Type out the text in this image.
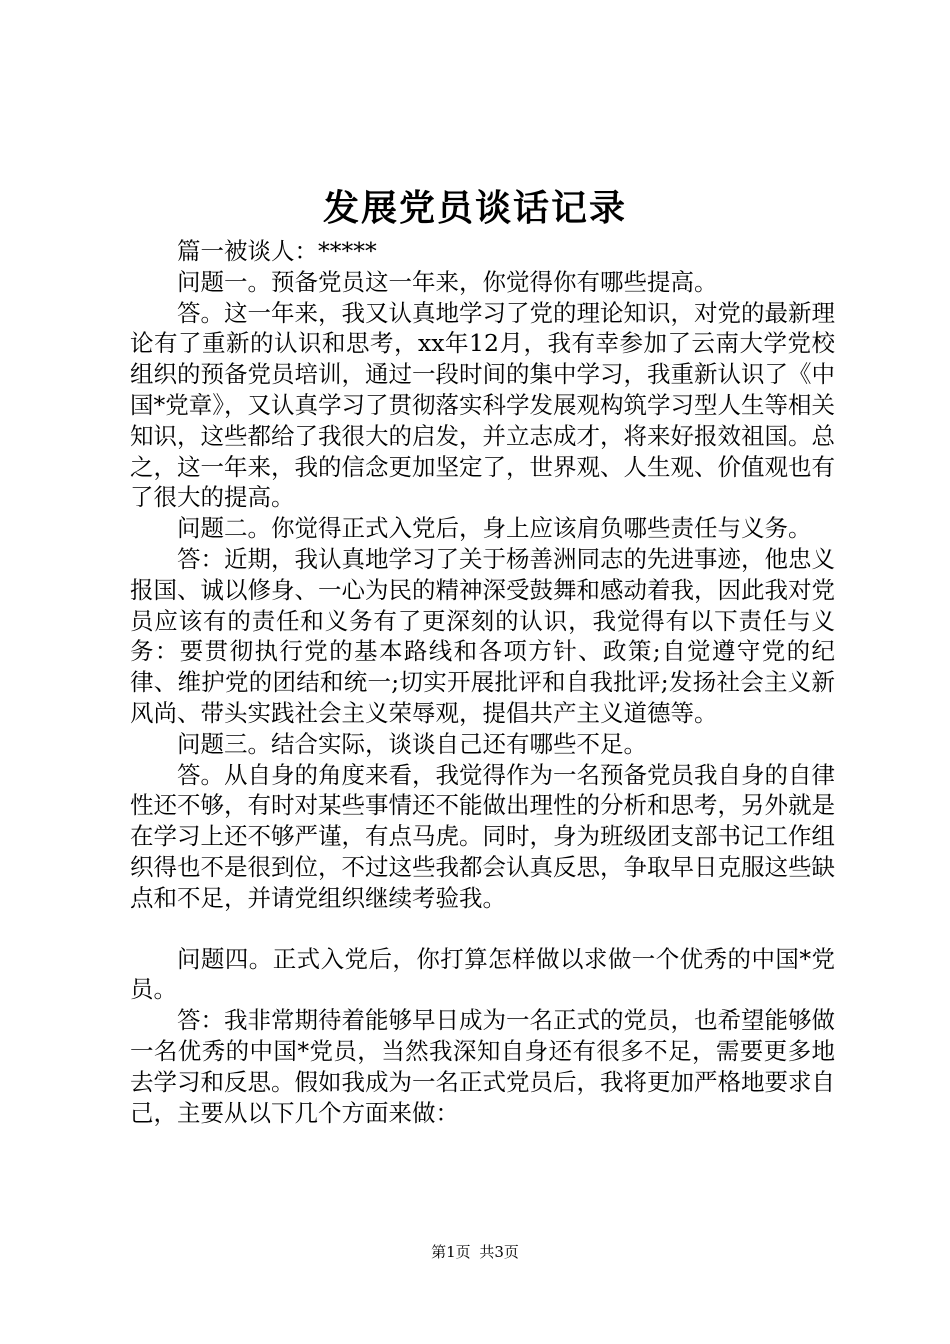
发展党员谈话记录

篇一被谈人：*****

问题一。预备党员这一年来，你觉得你有哪些提高。

答。这一年来，我又认真地学习了党的理论知识，对党的最新理论有了重新的认识和思考，xx年12月，我有幸参加了云南大学党校组织的预备党员培训，通过一段时间的集中学习，我重新认识了《中国*党章》，又认真学习了贯彻落实科学发展观构筑学习型人生等相关知识，这些都给了我很大的启发，并立志成才，将来好报效祖国。总之，这一年来，我的信念更加坚定了，世界观、人生观、价值观也有了很大的提高。

问题二。你觉得正式入党后，身上应该肩负哪些责任与义务。

答：近期，我认真地学习了关于杨善洲同志的先进事迹，他忠义报国、诚以修身、一心为民的精神深受鼓舞和感动着我，因此我对党员应该有的责任和义务有了更深刻的认识，我觉得有以下责任与义务：要贯彻执行党的基本路线和各项方针、政策;自觉遵守党的纪律、维护党的团结和统一;切实开展批评和自我批评;发扬社会主义新风尚、带头实践社会主义荣辱观，提倡共产主义道德等。

问题三。结合实际，谈谈自己还有哪些不足。

答。从自身的角度来看，我觉得作为一名预备党员我自身的自律性还不够，有时对某些事情还不能做出理性的分析和思考，另外就是在学习上还不够严谨，有点马虎。同时，身为班级团支部书记工作组织得也不是很到位，不过这些我都会认真反思，争取早日克服这些缺点和不足，并请党组织继续考验我。

问题四。正式入党后，你打算怎样做以求做一个优秀的中国*党员。

答：我非常期待着能够早日成为一名正式的党员，也希望能够做一名优秀的中国*党员，当然我深知自身还有很多不足，需要更多地去学习和反思。假如我成为一名正式党员后，我将更加严格地要求自己，主要从以下几个方面来做：

第1页 共3页
